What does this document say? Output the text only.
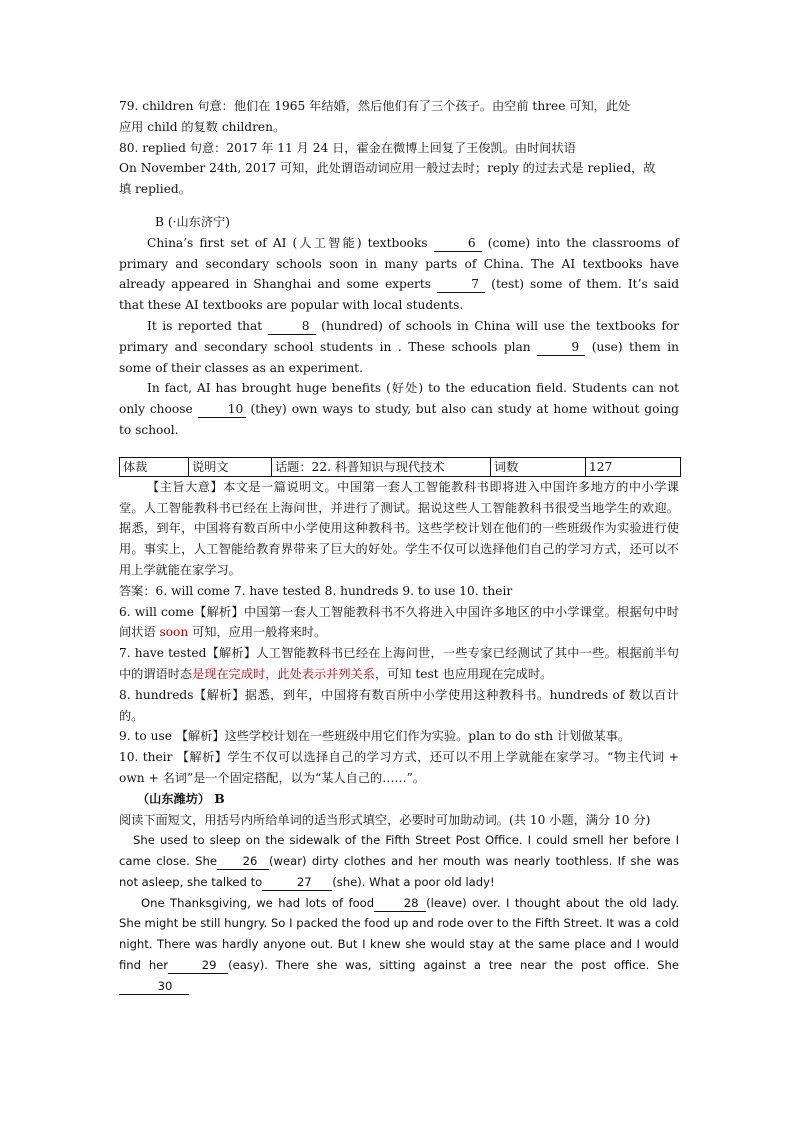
79. children 句意：他们在 1965 年结婚，然后他们有了三个孩子。由空前 three 可知，此处
应用 child 的复数 children。

80. replied 句意：2017 年 11 月 24 日，霍金在微博上回复了王俊凯。由时间状语
On November 24th, 2017 可知，此处谓语动词应用一般过去时；reply 的过去式是 replied，故
填 replied。

B (·山东济宁)

China’s first set of AI (人工智能) textbooks	6 (come) into the classrooms of primary and secondary schools soon in many parts of China. The AI textbooks have already appeared in Shanghai and some experts	7 (test) some of them. It’s said that these AI textbooks are popular with local students.

It is reported that	8 (hundred) of schools in China will use the textbooks for primary and secondary school students in . These schools plan	9 (use) them in some of their classes as an experiment.

In fact, AI has brought huge benefits (好处) to the education field. Students can not only choose 10 (they) own ways to study, but also can study at home without going to school.

体裁	说明文	话题：22. 科普知识与现代技术	词数	127

【主旨大意】本文是一篇说明文。中国第一套人工智能教科书即将进入中国许多地方的中小学课堂。人工智能教科书已经在上海问世，并进行了测试。据说这些人工智能教科书很受当地学生的欢迎。据悉，到年，中国将有数百所中小学使用这种教科书。这些学校计划在他们的一些班级作为实验进行使用。事实上，人工智能给教育界带来了巨大的好处。学生不仅可以选择他们自己的学习方式，还可以不用上学就能在家学习。

答案：6. will come 7. have tested 8. hundreds 9. to use 10. their

6. will come【解析】中国第一套人工智能教科书不久将进入中国许多地区的中小学课堂。根据句中时间状语 soon 可知，应用一般将来时。

7. have tested【解析】人工智能教科书已经在上海问世，一些专家已经测试了其中一些。根据前半句中的谓语时态是现在完成时，此处表示并列关系，可知 test 也应用现在完成时。

8. hundreds【解析】据悉，到年，中国将有数百所中小学使用这种教科书。hundreds of 数以百计的。

9. to use 【解析】这些学校计划在一些班级中用它们作为实验。plan to do sth 计划做某事。

10. their 【解析】学生不仅可以选择自己的学习方式，还可以不用上学就能在家学习。“物主代词 + own + 名词”是一个固定搭配，以为“某人自己的……”。

（山东潍坊） B

阅读下面短文，用括号内所给单词的适当形式填空，必要时可加助动词。(共 10 小题，满分 10 分)

She used to sleep on the sidewalk of the Fifth Street Post Office. I could smell her before I came close. She 26 (wear) dirty clothes and her mouth was nearly toothless. If she was not asleep, she talked to	27 (she). What a poor old lady!

One Thanksgiving, we had lots of food	28 (leave) over. I thought about the old lady. She might be still hungry. So I packed the food up and rode over to the Fifth Street. It was a cold night. There was hardly anyone out. But I knew she would stay at the same place and I would find her	29 (easy). There she was, sitting against a tree near the post office. She 30
